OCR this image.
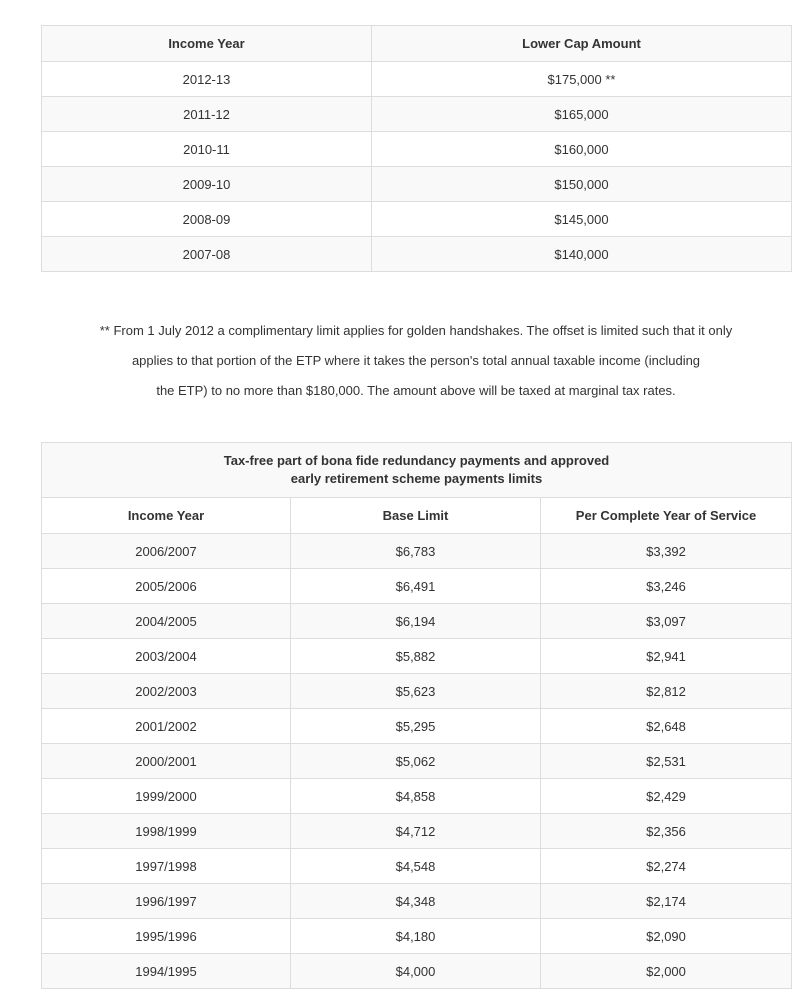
Income Year	Lower Cap Amount
2012-13	$175,000 **
2011-12	$165,000
2010-11	$160,000
2009-10	$150,000
2008-09	$145,000
2007-08	$140,000
** From 1 July 2012 a complimentary limit applies for golden handshakes. The offset is limited such that it only
applies to that portion of the ETP where it takes the person's total annual taxable income (including
the ETP) to no more than $180,000. The amount above will be taxed at marginal tax rates.
Tax-free part of bona fide redundancy payments and approved
early retirement scheme payments limits		
Income Year	Base Limit	Per Complete Year of Service
2006/2007	$6,783	$3,392
2005/2006	$6,491	$3,246
2004/2005	$6,194	$3,097
2003/2004	$5,882	$2,941
2002/2003	$5,623	$2,812
2001/2002	$5,295	$2,648
2000/2001	$5,062	$2,531
1999/2000	$4,858	$2,429
1998/1999	$4,712	$2,356
1997/1998	$4,548	$2,274
1996/1997	$4,348	$2,174
1995/1996	$4,180	$2,090
1994/1995	$4,000	$2,000
